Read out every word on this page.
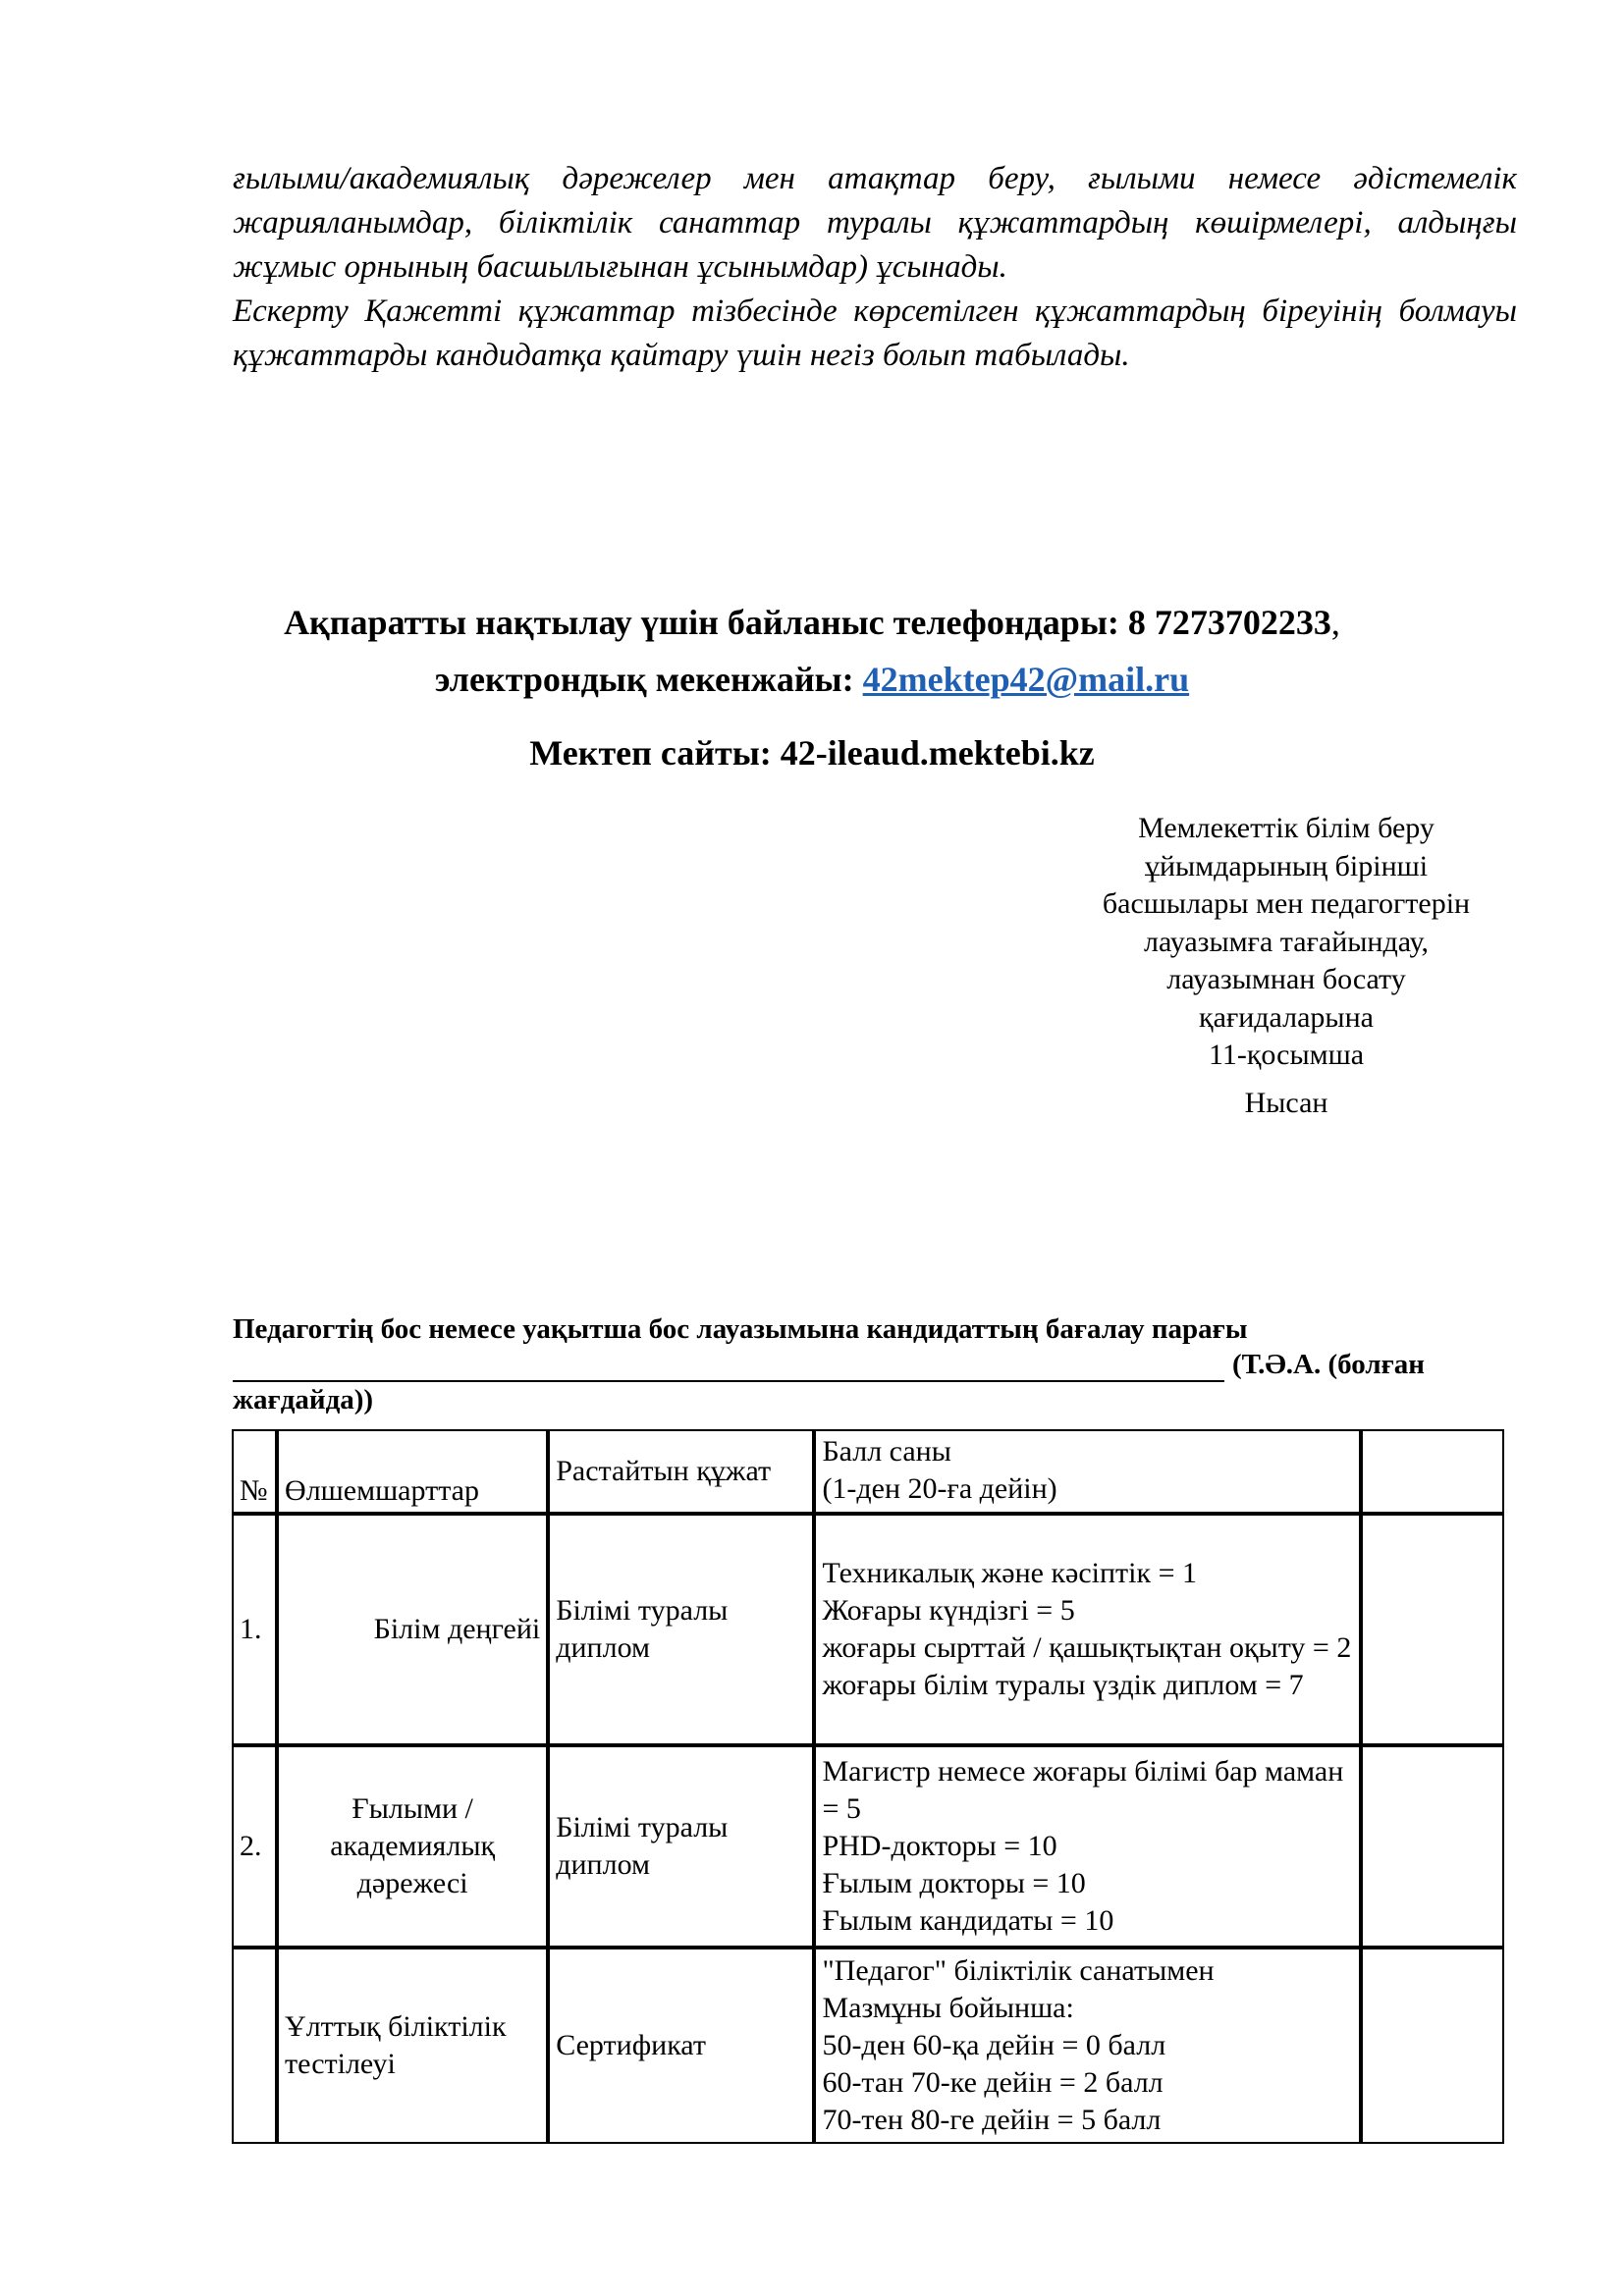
ғылыми/академиялық дәрежелер мен атақтар беру, ғылыми немесе әдістемелік жарияланымдар, біліктілік санаттар туралы құжаттардың көшірмелері, алдыңғы жұмыс орнының басшылығынан ұсынымдар) ұсынады.

Ескерту Қажетті құжаттар тізбесінде көрсетілген құжаттардың біреуінің болмауы құжаттарды кандидатқа қайтару үшін негіз болып табылады.

Ақпаратты нақтылау үшін байланыс телефондары: 8 7273702233,
электрондық мекенжайы: 42mektep42@mail.ru
Мектеп сайты: 42-ileaud.mektebi.kz
Мемлекеттік білім беру
ұйымдарының бірінші
басшылары мен педагогтерін
лауазымға тағайындау,
лауазымнан босату
қағидаларына
11-қосымша
Нысан
Педагогтің бос немесе уақытша бос лауазымына кандидаттың бағалау парағы
(Т.Ә.А. (болған
жағдайда))
№	Өлшемшарттар	Растайтын құжат	Балл саны
(1-ден 20-ға дейін)	

1.	Білім деңгейі	Білімі туралы диплом	Техникалық және кәсіптік = 1
Жоғары күндізгі = 5
жоғары сырттай / қашықтықтан оқыту = 2
жоғары білім туралы үздік диплом = 7	

2.	Ғылыми / академиялық дәрежесі	Білімі туралы диплом	Магистр немесе жоғары білімі бар маман = 5
PHD-докторы = 10
Ғылым докторы = 10
Ғылым кандидаты = 10	

	Ұлттық біліктілік тестілеуі	Сертификат	"Педагог" біліктілік санатымен
Мазмұны бойынша:
50-ден 60-қа дейін = 0 балл
60-тан 70-ке дейін = 2 балл
70-тен 80-ге дейін = 5 балл	
